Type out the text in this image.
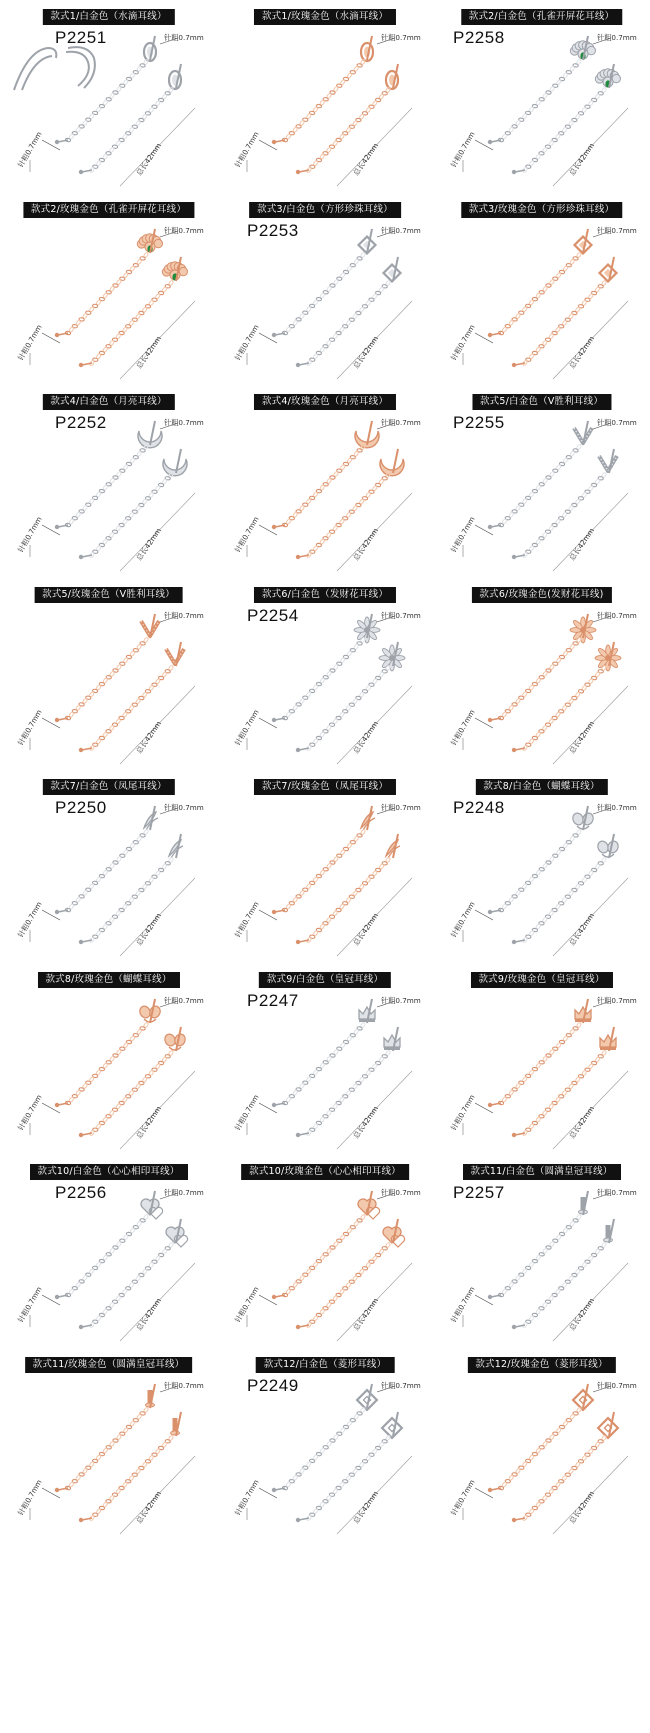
款式1/白金色（水滴耳线）
P2251	针粗0.7mm
针粗0.7mm	总长42mm
款式1/玫瑰金色（水滴耳线）
针粗0.7mm
针粗0.7mm	总长42mm
款式2/白金色（孔雀开屏花耳线）
P2258	针粗0.7mm
针粗0.7mm	总长42mm
款式2/玫瑰金色（孔雀开屏花耳线）
针粗0.7mm
针粗0.7mm	总长42mm
款式3/白金色（方形珍珠耳线）
P2253	针粗0.7mm
针粗0.7mm	总长42mm
款式3/玫瑰金色（方形珍珠耳线）
针粗0.7mm
针粗0.7mm	总长42mm
款式4/白金色（月亮耳线）
P2252	针粗0.7mm
针粗0.7mm	总长42mm
款式4/玫瑰金色（月亮耳线）
针粗0.7mm
针粗0.7mm	总长42mm
款式5/白金色（V胜利耳线）
P2255	针粗0.7mm
针粗0.7mm	总长42mm
款式5/玫瑰金色（V胜利耳线）
针粗0.7mm
针粗0.7mm	总长42mm
款式6/白金色（发财花耳线）
P2254	针粗0.7mm
针粗0.7mm	总长42mm
款式6/玫瑰金色(发财花耳线)
针粗0.7mm
针粗0.7mm	总长42mm
款式7/白金色（凤尾耳线）
P2250	针粗0.7mm
针粗0.7mm	总长42mm
款式7/玫瑰金色（凤尾耳线）
针粗0.7mm
针粗0.7mm	总长42mm
款式8/白金色（蝴蝶耳线）
P2248	针粗0.7mm
针粗0.7mm	总长42mm
款式8/玫瑰金色（蝴蝶耳线）
针粗0.7mm
针粗0.7mm	总长42mm
款式9/白金色（皇冠耳线）
P2247	针粗0.7mm
针粗0.7mm	总长42mm
款式9/玫瑰金色（皇冠耳线）
针粗0.7mm
针粗0.7mm	总长42mm
款式10/白金色（心心相印耳线）
P2256	针粗0.7mm
针粗0.7mm	总长42mm
款式10/玫瑰金色（心心相印耳线）
针粗0.7mm
针粗0.7mm	总长42mm
款式11/白金色（圆满皇冠耳线）
P2257	针粗0.7mm
针粗0.7mm	总长42mm
款式11/玫瑰金色（圆满皇冠耳线）
针粗0.7mm
针粗0.7mm	总长42mm
款式12/白金色（菱形耳线）
P2249	针粗0.7mm
针粗0.7mm	总长42mm
款式12/玫瑰金色（菱形耳线）
针粗0.7mm
针粗0.7mm	总长42mm
